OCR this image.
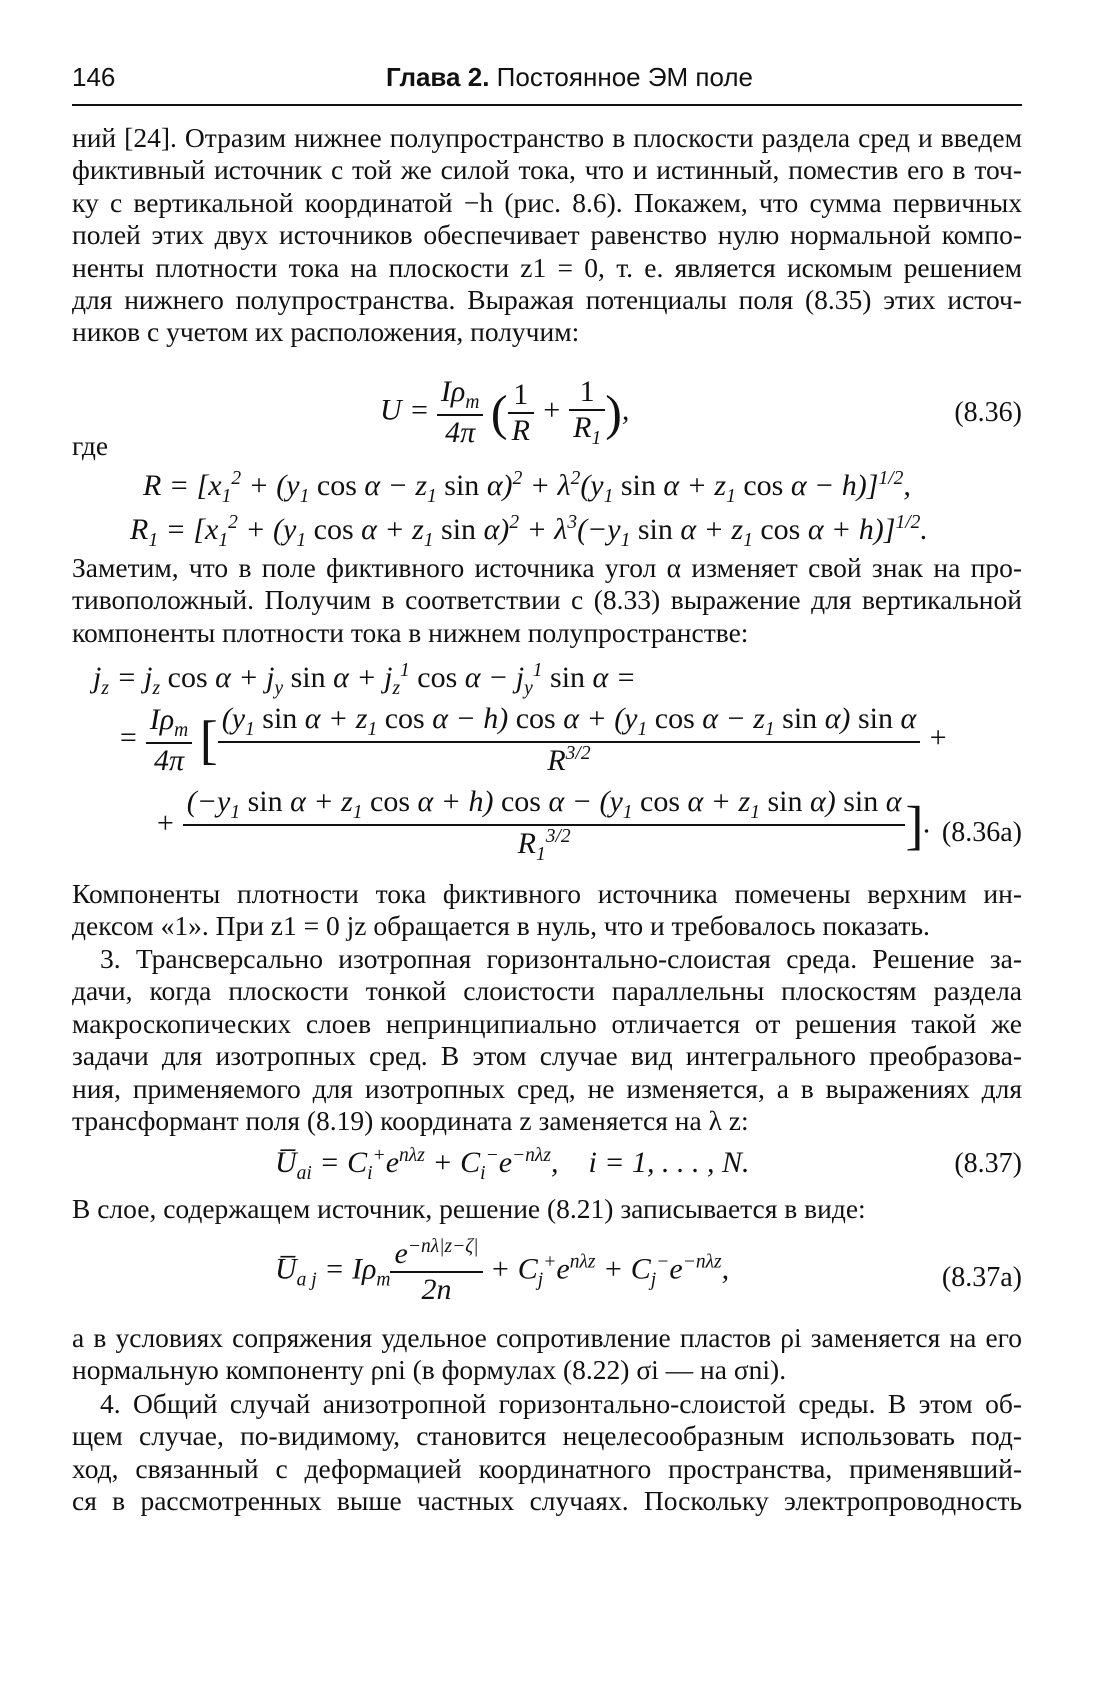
146	Глава 2. Постоянное ЭМ поле
ний [24]. Отразим нижнее полупространство в плоскости раздела сред и введем
фиктивный источник с той же силой тока, что и истинный, поместив его в точ-
ку с вертикальной координатой −h (рис. 8.6). Покажем, что сумма первичных
полей этих двух источников обеспечивает равенство нулю нормальной компо-
ненты плотности тока на плоскости z1 = 0, т. е. является искомым решением
для нижнего полупространства. Выражая потенциалы поля (8.35) этих источ-
ников с учетом их расположения, получим:
$U = \frac{I\rho_m}{4\pi}$ ( $\frac{1}{R} + \frac{1}{R_1}$ ),	(8.36)
где
$R = [x_1^2 + (y_1$ $\cos \alpha - z_1$ $\sin \alpha)^2 + \lambda^2(y_1$ $\sin \alpha + z_1$ cos α − h)]$^{1/2}$,
$R_1 = [x_1^2 + (y_1$ $\cos \alpha + z_1$ $\sin \alpha)^2 + \lambda^3(-y_1$ $\sin \alpha + z_1$ cos α + h)]$^{1/2}$.
Заметим, что в поле фиктивного источника угол α изменяет свой знак на про-
тивоположный. Получим в соответствии с (8.33) выражение для вертикальной
компоненты плотности тока в нижнем полупространстве:
$j_z = j_z$ $\cos \alpha + j_y$ $\sin \alpha + j_z^1$ $\cos \alpha - j_y^1$ sin α =
= $\frac{I\rho_m}{4\pi}$ [ ($y_1$ $\sin \alpha + z_1$ cos α − h) $\cos \alpha + (y_1$ $\cos \alpha - z_1$ sin α) sin α
$R^{3/2}$	+
+
($-y_1$ $\sin \alpha + z_1$ cos α + h) $\cos \alpha - (y_1$ $\cos \alpha + z_1$ sin α) sin α
$R_1^{3/2}$	]. (8.36а)
Компоненты плотности тока фиктивного источника помечены верхним ин-
дексом «1». При z1 = 0 jz обращается в нуль, что и требовалось показать.
3. Трансверсально изотропная горизонтально-слоистая среда. Решение за-
дачи, когда плоскости тонкой слоистости параллельны плоскостям раздела
макроскопических слоев непринципиально отличается от решения такой же
задачи для изотропных сред. В этом случае вид интегрального преобразова-
ния, применяемого для изотропных сред, не изменяется, а в выражениях для
трансформант поля (8.19) координата z заменяется на λ z:
$U̅_{ai} = C_i^+e^{n\lambda z} + C_i^-e^{-n\lambda z}$,    i = 1, . . . , N.	(8.37)
В слое, содержащем источник, решение (8.21) записывается в виде:
$U̅_{a j} = I\rho_m \frac{e^{-n\lambda|z-\zeta|}}{2n} + C_j^+e^{n\lambda z} + C_j^-e^{-n\lambda z}$,	(8.37а)
а в условиях сопряжения удельное сопротивление пластов ρi заменяется на его
нормальную компоненту ρni (в формулах (8.22) σi — на σni).
4. Общий случай анизотропной горизонтально-слоистой среды. В этом об-
щем случае, по-видимому, становится нецелесообразным использовать под-
ход, связанный с деформацией координатного пространства, применявший-
ся в рассмотренных выше частных случаях. Поскольку электропроводность
